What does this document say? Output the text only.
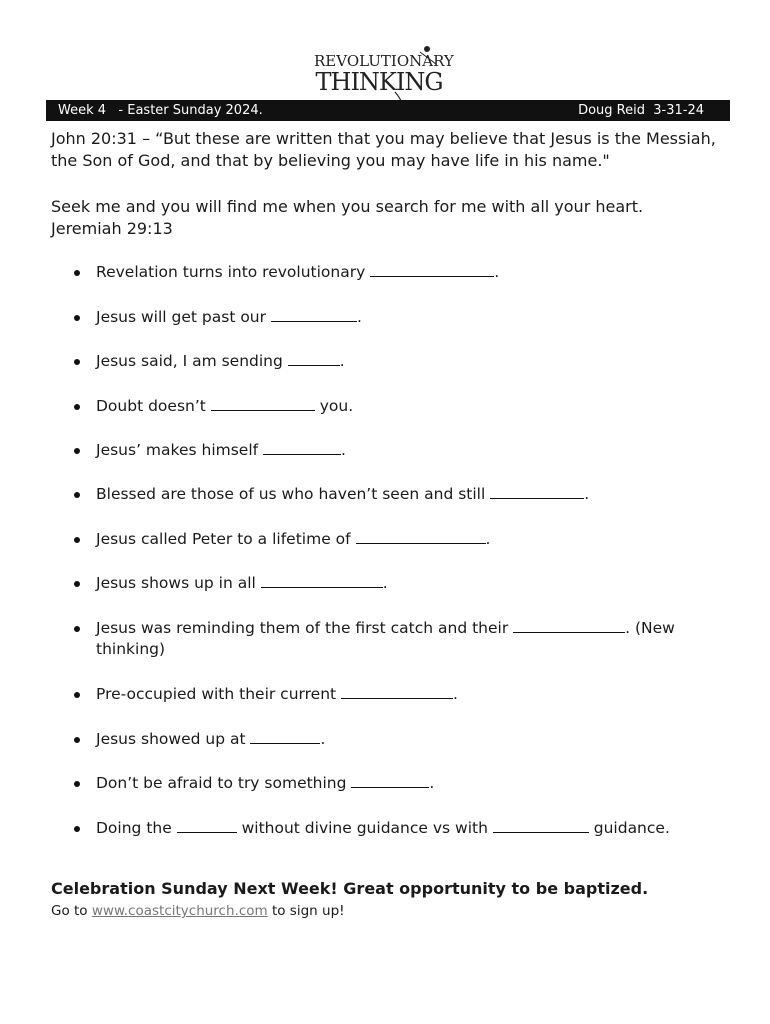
REVOLUTIONARY
THINKING
Week 4   - Easter Sunday 2024.	Doug Reid  3-31-24

John 20:31 – “But these are written that you may believe that Jesus is the Messiah, the Son of God, and that by believing you may have life in his name."

Seek me and you will find me when you search for me with all your heart.
Jeremiah 29:13

Revelation turns into revolutionary	.
Jesus will get past our	.
Jesus said, I am sending	.
Doubt doesn’t	you.
Jesus’ makes himself	.
Blessed are those of us who haven’t seen and still	.
Jesus called Peter to a lifetime of	.
Jesus shows up in all	.
Jesus was reminding them of the first catch and their	. (New thinking)
Pre-occupied with their current	.
Jesus showed up at	.
Don’t be afraid to try something	.
Doing the	without divine guidance vs with	guidance.

Celebration Sunday Next Week! Great opportunity to be baptized.

Go to www.coastcitychurch.com to sign up!
